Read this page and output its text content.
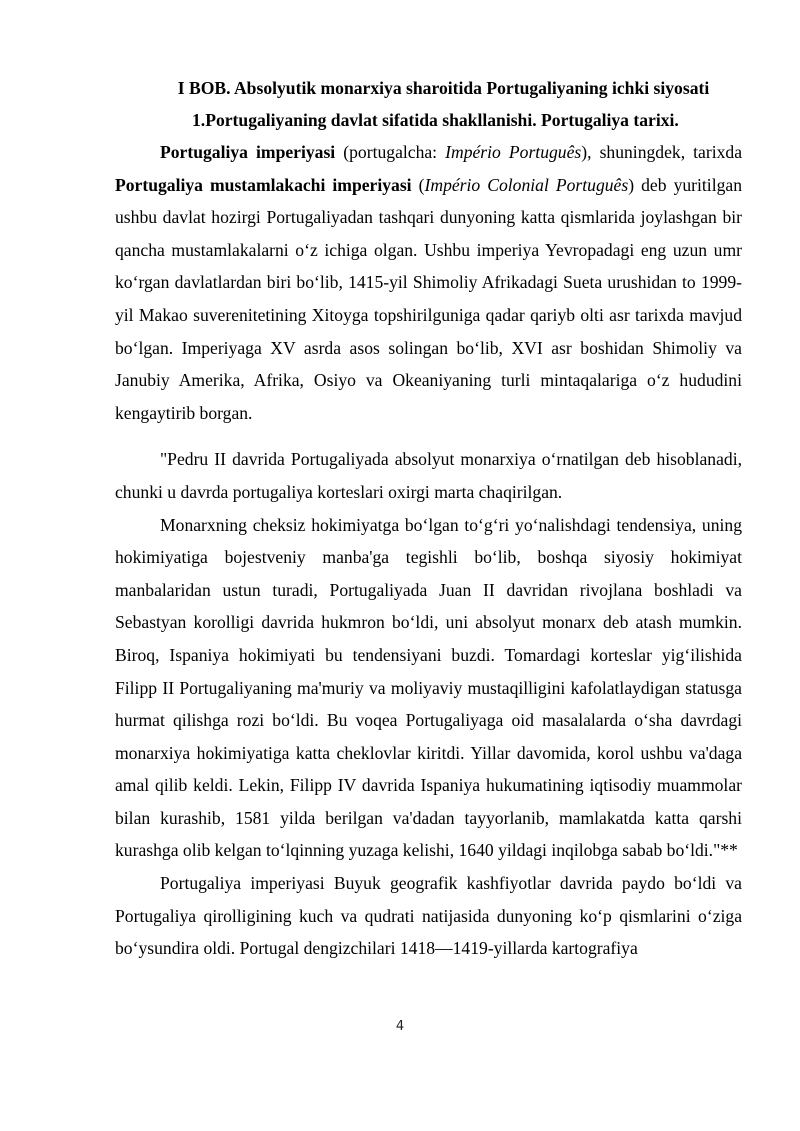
I BOB. Absolyutik monarxiya sharoitida Portugaliyaning ichki siyosati
1.Portugaliyaning davlat sifatida shakllanishi. Portugaliya tarixi.

Portugaliya imperiyasi (portugalcha: Império Português), shuningdek, tarixda Portugaliya mustamlakachi imperiyasi (Império Colonial Português) deb yuritilgan ushbu davlat hozirgi Portugaliyadan tashqari dunyoning katta qismlarida joylashgan bir qancha mustamlakalarni o‘z ichiga olgan. Ushbu imperiya Yevropadagi eng uzun umr ko‘rgan davlatlardan biri bo‘lib, 1415-yil Shimoliy Afrikadagi Sueta urushidan to 1999-yil Makao suverenitetining Xitoyga topshirilguniga qadar qariyb olti asr tarixda mavjud bo‘lgan. Imperiyaga XV asrda asos solingan bo‘lib, XVI asr boshidan Shimoliy va Janubiy Amerika, Afrika, Osiyo va Okeaniyaning turli mintaqalariga o‘z hududini kengaytirib borgan.

"Pedru II davrida Portugaliyada absolyut monarxiya o‘rnatilgan deb hisoblanadi, chunki u davrda portugaliya korteslari oxirgi marta chaqirilgan.

Monarxning cheksiz hokimiyatga bo‘lgan to‘g‘ri yo‘nalishdagi tendensiya, uning hokimiyatiga bojestveniy manba'ga tegishli bo‘lib, boshqa siyosiy hokimiyat manbalaridan ustun turadi, Portugaliyada Juan II davridan rivojlana boshladi va Sebastyan korolligi davrida hukmron bo‘ldi, uni absolyut monarx deb atash mumkin. Biroq, Ispaniya hokimiyati bu tendensiyani buzdi. Tomardagi korteslar yig‘ilishida Filipp II Portugaliyaning ma'muriy va moliyaviy mustaqilligini kafolatlaydigan statusga hurmat qilishga rozi bo‘ldi. Bu voqea Portugaliyaga oid masalalarda o‘sha davrdagi monarxiya hokimiyatiga katta cheklovlar kiritdi. Yillar davomida, korol ushbu va'daga amal qilib keldi. Lekin, Filipp IV davrida Ispaniya hukumatining iqtisodiy muammolar bilan kurashib, 1581 yilda berilgan va'dadan tayyorlanib, mamlakatda katta qarshi kurashga olib kelgan to‘lqinning yuzaga kelishi, 1640 yildagi inqilobga sabab bo‘ldi."**

Portugaliya imperiyasi Buyuk geografik kashfiyotlar davrida paydo bo‘ldi va Portugaliya qirolligining kuch va qudrati natijasida dunyoning ko‘p qismlarini o‘ziga bo‘ysundira oldi. Portugal dengizchilari 1418—1419-yillarda kartografiya

4
